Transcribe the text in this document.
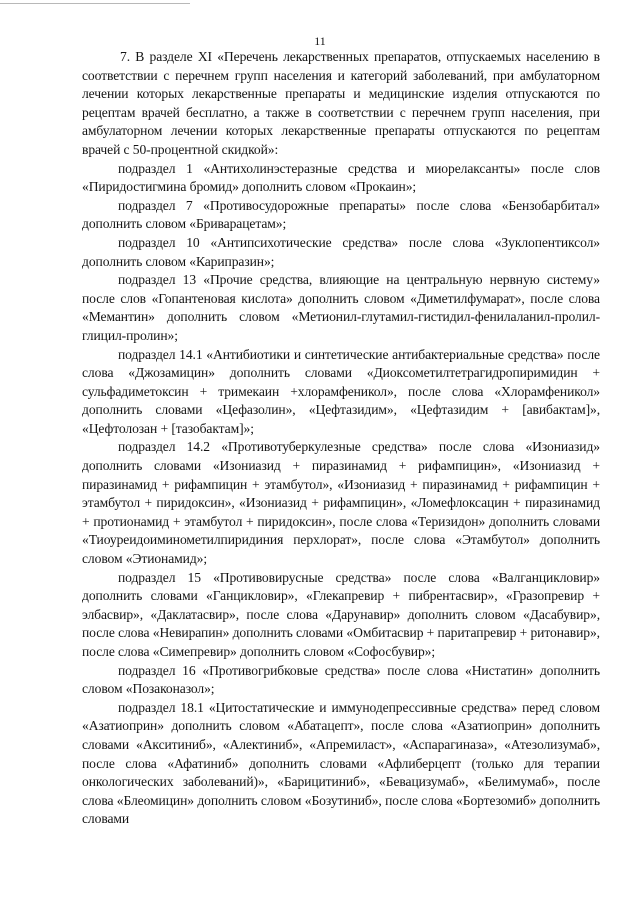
11

7. В разделе XI «Перечень лекарственных препаратов, отпускаемых населению в соответствии с перечнем групп населения и категорий заболеваний, при амбулаторном лечении которых лекарственные препараты и медицинские изделия отпускаются по рецептам врачей бесплатно, а также в соответствии с перечнем групп населения, при амбулаторном лечении которых лекарственные препараты отпускаются по рецептам врачей с 50-процентной скидкой»:

подраздел 1 «Антихолинэстеразные средства и миорелаксанты» после слов «Пиридостигмина бромид» дополнить словом «Прокаин»;

подраздел 7 «Противосудорожные препараты» после слова «Бензобарбитал» дополнить словом «Бриварацетам»;

подраздел 10 «Антипсихотические средства» после слова «Зуклопентиксол» дополнить словом «Карипразин»;

подраздел 13 «Прочие средства, влияющие на центральную нервную систему» после слов «Гопантеновая кислота» дополнить словом «Диметилфумарат», после слова «Мемантин» дополнить словом «Метионил-глутамил-гистидил-фенилаланил-пролил-глицил-пролин»;

подраздел 14.1 «Антибиотики и синтетические антибактериальные средства» после слова «Джозамицин» дополнить словами «Диоксометилтетрагидропиримидин + сульфадиметоксин + тримекаин +хлорамфеникол», после слова «Хлорамфеникол» дополнить словами «Цефазолин», «Цефтазидим», «Цефтазидим + [авибактам]», «Цефтолозан + [тазобактам]»;

подраздел 14.2 «Противотуберкулезные средства» после слова «Изониазид» дополнить словами «Изониазид + пиразинамид + рифампицин», «Изониазид + пиразинамид + рифампицин + этамбутол», «Изониазид + пиразинамид + рифампицин + этамбутол + пиридоксин», «Изониазид + рифампицин», «Ломефлоксацин + пиразинамид + протионамид + этамбутол + пиридоксин», после слова «Теризидон» дополнить словами «Тиоуреидоиминометилпиридиния перхлорат», после слова «Этамбутол» дополнить словом «Этионамид»;

подраздел 15 «Противовирусные средства» после слова «Валганцикловир» дополнить словами «Ганцикловир», «Глекапревир + пибрентасвир», «Гразопревир + элбасвир», «Даклатасвир», после слова «Дарунавир» дополнить словом «Дасабувир», после слова «Невирапин» дополнить словами «Омбитасвир + паритапревир + ритонавир», после слова «Симепревир» дополнить словом «Софосбувир»;

подраздел 16 «Противогрибковые средства» после слова «Нистатин» дополнить словом «Позаконазол»;

подраздел 18.1 «Цитостатические и иммунодепрессивные средства» перед словом «Азатиоприн» дополнить словом «Абатацепт», после слова «Азатиоприн» дополнить словами «Акситиниб», «Алектиниб», «Апремиласт», «Аспарагиназа», «Атезолизумаб», после слова «Афатиниб» дополнить словами «Афлиберцепт (только для терапии онкологических заболеваний)», «Барицитиниб», «Бевацизумаб», «Белимумаб», после слова «Блеомицин» дополнить словом «Бозутиниб», после слова «Бортезомиб» дополнить словами
